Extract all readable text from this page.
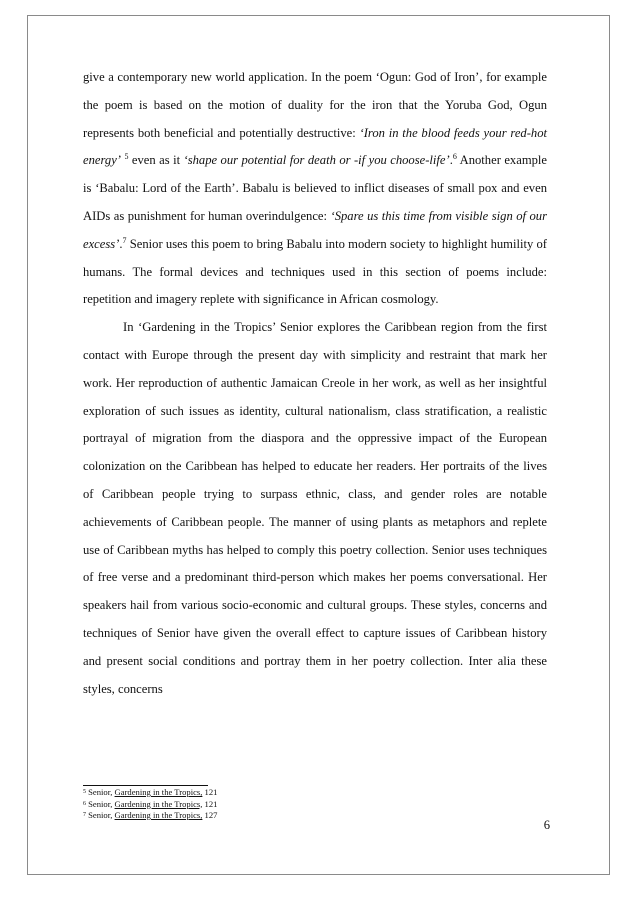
give a contemporary new world application. In the poem ‘Ogun: God of Iron’, for example the poem is based on the motion of duality for the iron that the Yoruba God, Ogun represents both beneficial and potentially destructive: ‘Iron in the blood feeds your red-hot energy’ $^5$ even as it ‘shape our potential for death or -if you choose-life’.$^6$ Another example is ‘Babalu: Lord of the Earth’. Babalu is believed to inflict diseases of small pox and even AIDs as punishment for human overindulgence: ‘Spare us this time from visible sign of our excess’.$^7$ Senior uses this poem to bring Babalu into modern society to highlight humility of humans. The formal devices and techniques used in this section of poems include: repetition and imagery replete with significance in African cosmology.

In ‘Gardening in the Tropics’ Senior explores the Caribbean region from the first contact with Europe through the present day with simplicity and restraint that mark her work. Her reproduction of authentic Jamaican Creole in her work, as well as her insightful exploration of such issues as identity, cultural nationalism, class stratification, a realistic portrayal of migration from the diaspora and the oppressive impact of the European colonization on the Caribbean has helped to educate her readers. Her portraits of the lives of Caribbean people trying to surpass ethnic, class, and gender roles are notable achievements of Caribbean people. The manner of using plants as metaphors and replete use of Caribbean myths has helped to comply this poetry collection. Senior uses techniques of free verse and a predominant third-person which makes her poems conversational. Her speakers hail from various socio-economic and cultural groups. These styles, concerns and techniques of Senior have given the overall effect to capture issues of Caribbean history and present social conditions and portray them in her poetry collection. Inter alia these styles, concerns

$^5$ Senior, Gardening in the Tropics, 121
$^6$ Senior, Gardening in the Tropics, 121
$^7$ Senior, Gardening in the Tropics, 127
6
